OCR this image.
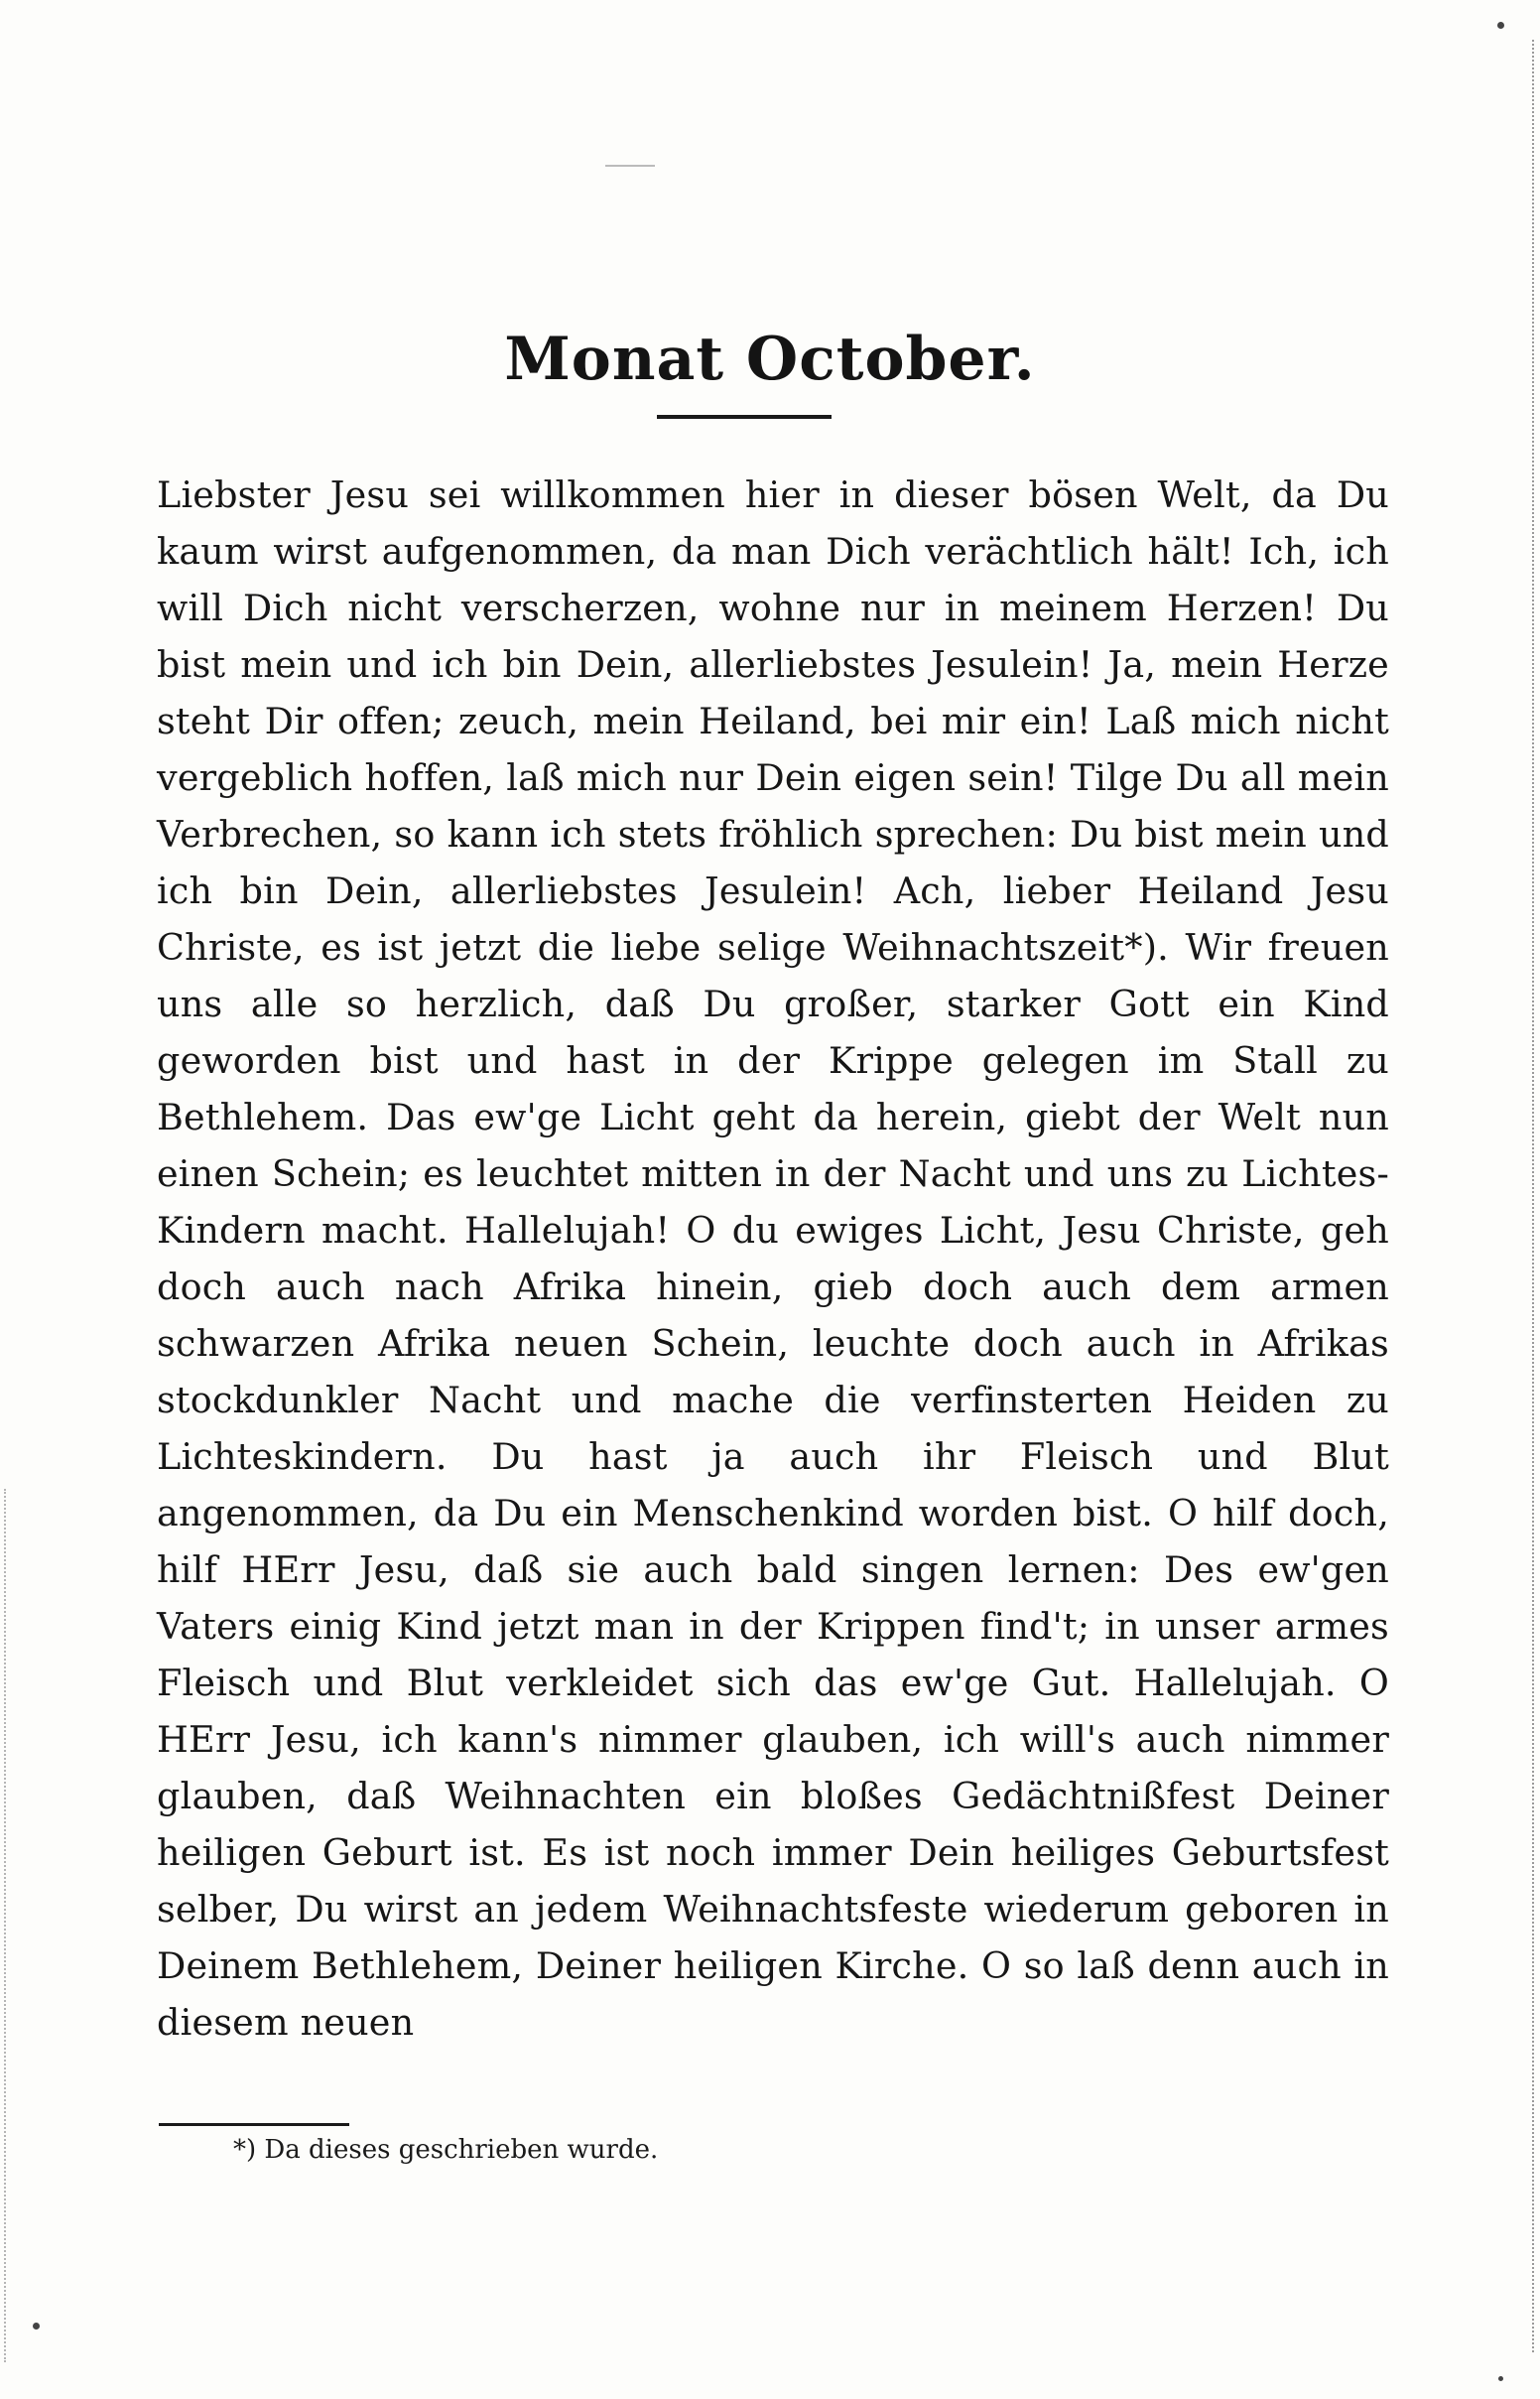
Monat October.

Liebster Jesu sei willkommen hier in dieser bösen Welt, da Du kaum wirst aufgenommen, da man Dich verächtlich hält! Ich, ich will Dich nicht verscherzen, wohne nur in meinem Herzen! Du bist mein und ich bin Dein, allerliebstes Jesulein! Ja, mein Herze steht Dir offen; zeuch, mein Heiland, bei mir ein! Laß mich nicht vergeblich hoffen, laß mich nur Dein eigen sein! Tilge Du all mein Verbrechen, so kann ich stets fröhlich sprechen: Du bist mein und ich bin Dein, allerliebstes Jesulein! Ach, lieber Heiland Jesu Christe, es ist jetzt die liebe selige Weihnachtszeit*). Wir freuen uns alle so herzlich, daß Du großer, starker Gott ein Kind geworden bist und hast in der Krippe gelegen im Stall zu Bethlehem. Das ew'ge Licht geht da herein, giebt der Welt nun einen Schein; es leuchtet mitten in der Nacht und uns zu Lichtes-Kindern macht. Hallelujah! O du ewiges Licht, Jesu Christe, geh doch auch nach Afrika hinein, gieb doch auch dem armen schwarzen Afrika neuen Schein, leuchte doch auch in Afrikas stockdunkler Nacht und mache die verfinsterten Heiden zu Lichteskindern. Du hast ja auch ihr Fleisch und Blut angenommen, da Du ein Menschenkind worden bist. O hilf doch, hilf HErr Jesu, daß sie auch bald singen lernen: Des ew'gen Vaters einig Kind jetzt man in der Krippen find't; in unser armes Fleisch und Blut verkleidet sich das ew'ge Gut. Hallelujah. O HErr Jesu, ich kann's nimmer glauben, ich will's auch nimmer glauben, daß Weihnachten ein bloßes Gedächtnißfest Deiner heiligen Geburt ist. Es ist noch immer Dein heiliges Geburtsfest selber, Du wirst an jedem Weihnachtsfeste wiederum geboren in Deinem Bethlehem, Deiner heiligen Kirche. O so laß denn auch in diesem neuen

*) Da dieses geschrieben wurde.
